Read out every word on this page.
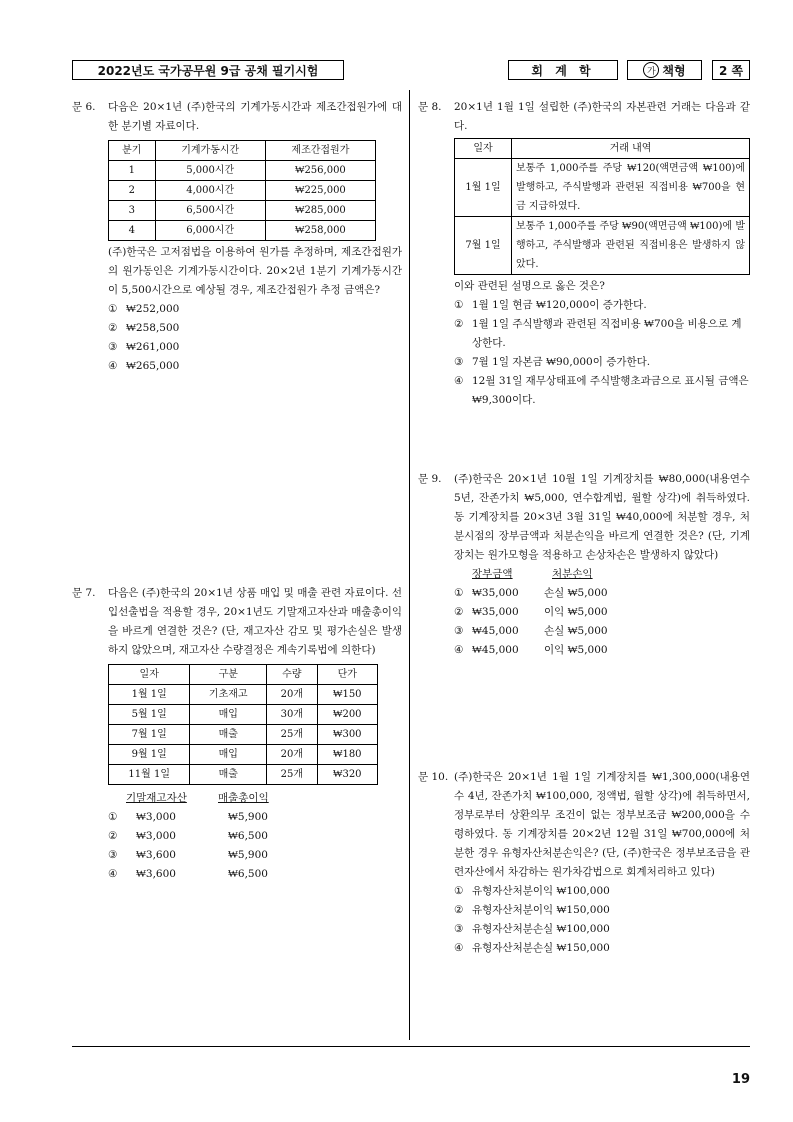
2022년도 국가공무원 9급 공채 필기시험	회 계 학	가 책형	2 쪽
문 6. 다음은 20×1년 (주)한국의 기계가동시간과 제조간접원가에 대한 분기별 자료이다.

분기	기계가동시간	제조간접원가
1	5,000시간	₩256,000
2	4,000시간	₩225,000
3	6,500시간	₩285,000
4	6,000시간	₩258,000

(주)한국은 고저점법을 이용하여 원가를 추정하며, 제조간접원가의 원가동인은 기계가동시간이다. 20×2년 1분기 기계가동시간이 5,500시간으로 예상될 경우, 제조간접원가 추정 금액은?

① ₩252,000
② ₩258,500
③ ₩261,000
④ ₩265,000
문 7. 다음은 (주)한국의 20×1년 상품 매입 및 매출 관련 자료이다. 선입선출법을 적용할 경우, 20×1년도 기말재고자산과 매출총이익을 바르게 연결한 것은? (단, 재고자산 감모 및 평가손실은 발생하지 않았으며, 재고자산 수량결정은 계속기록법에 의한다)

일자	구분	수량	단가
1월 1일	기초재고	20개	₩150
5월 1일	매입	30개	₩200
7월 1일	매출	25개	₩300
9월 1일	매입	20개	₩180
11월 1일	매출	25개	₩320
기말재고자산	매출총이익
①	₩3,000	₩5,900
②	₩3,000	₩6,500
③	₩3,600	₩5,900
④	₩3,600	₩6,500
문 8. 20×1년 1월 1일 설립한 (주)한국의 자본관련 거래는 다음과 같다.

일자	거래 내역
1월 1일	보통주 1,000주를 주당 ₩120(액면금액 ₩100)에 발행하고, 주식발행과 관련된 직접비용 ₩700을 현금 지급하였다.
7월 1일	보통주 1,000주를 주당 ₩90(액면금액 ₩100)에 발행하고, 주식발행과 관련된 직접비용은 발생하지 않았다.

이와 관련된 설명으로 옳은 것은?

① 1월 1일 현금 ₩120,000이 증가한다.
② 1월 1일 주식발행과 관련된 직접비용 ₩700을 비용으로 계상한다.
③ 7월 1일 자본금 ₩90,000이 증가한다.
④ 12월 31일 재무상태표에 주식발행초과금으로 표시될 금액은 ₩9,300이다.
문 9. (주)한국은 20×1년 10월 1일 기계장치를 ₩80,000(내용연수 5년, 잔존가치 ₩5,000, 연수합계법, 월할 상각)에 취득하였다. 동 기계장치를 20×3년 3월 31일 ₩40,000에 처분할 경우, 처분시점의 장부금액과 처분손익을 바르게 연결한 것은? (단, 기계장치는 원가모형을 적용하고 손상차손은 발생하지 않았다)

장부금액	처분손익
① ₩35,000	손실 ₩5,000
② ₩35,000	이익 ₩5,000
③ ₩45,000	손실 ₩5,000
④ ₩45,000	이익 ₩5,000
문 10. (주)한국은 20×1년 1월 1일 기계장치를 ₩1,300,000(내용연수 4년, 잔존가치 ₩100,000, 정액법, 월할 상각)에 취득하면서, 정부로부터 상환의무 조건이 없는 정부보조금 ₩200,000을 수령하였다. 동 기계장치를 20×2년 12월 31일 ₩700,000에 처분한 경우 유형자산처분손익은? (단, (주)한국은 정부보조금을 관련자산에서 차감하는 원가차감법으로 회계처리하고 있다)

① 유형자산처분이익 ₩100,000
② 유형자산처분이익 ₩150,000
③ 유형자산처분손실 ₩100,000
④ 유형자산처분손실 ₩150,000
19
